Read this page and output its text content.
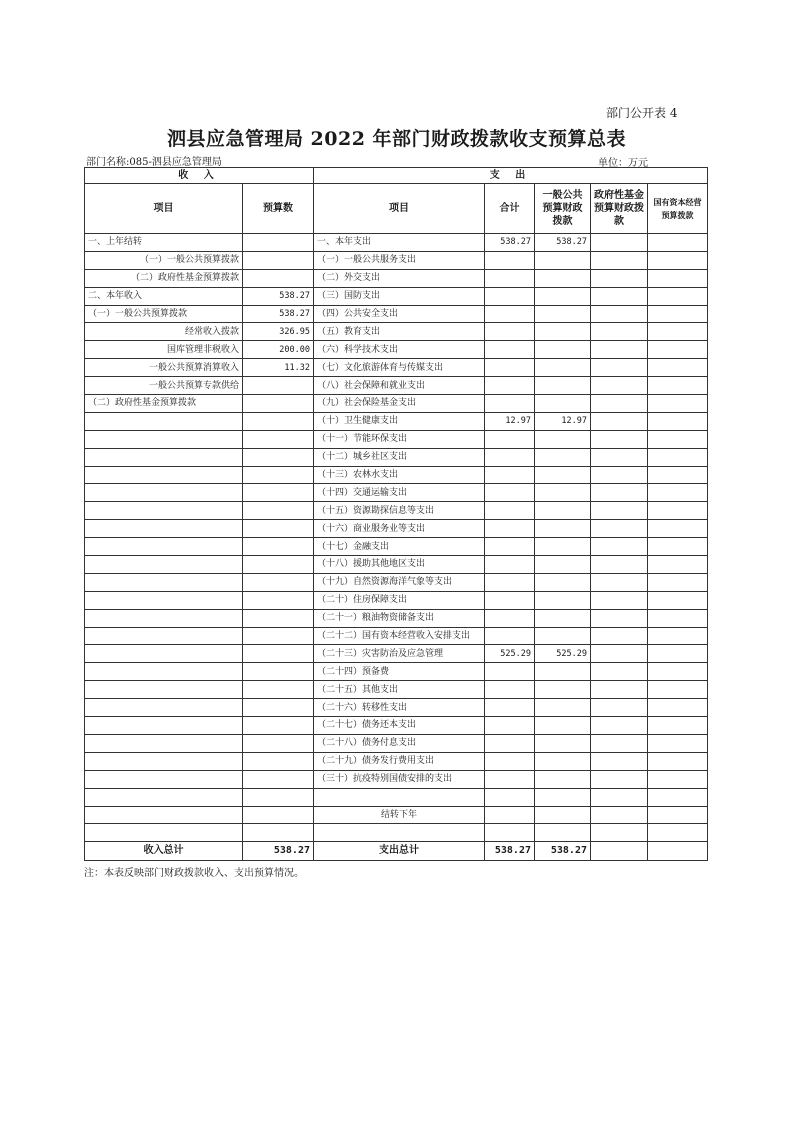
部门公开表 4
泗县应急管理局 2022 年部门财政拨款收支预算总表
部门名称:085-泗县应急管理局	单位：万元
收 入		支 出				
项目	预算数	项目	合计	一般公共预算财政拨款	政府性基金预算财政拨款	国有资本经营预算拨款
一、上年结转		一、本年支出	538.27	538.27		
（一）一般公共预算拨款		（一）一般公共服务支出				
（二）政府性基金预算拨款		（二）外交支出				
二、本年收入	538.27	（三）国防支出				
（一）一般公共预算拨款	538.27	（四）公共安全支出				
经常收入拨款	326.95	（五）教育支出				
国库管理非税收入	200.00	（六）科学技术支出				
一般公共预算消算收入	11.32	（七）文化旅游体育与传媒支出				
一般公共预算专款供给		（八）社会保障和就业支出				
（二）政府性基金预算拨款		（九）社会保险基金支出				
		（十）卫生健康支出	12.97	12.97		
		（十一）节能环保支出				
		（十二）城乡社区支出				
		（十三）农林水支出				
		（十四）交通运输支出				
		（十五）资源勘探信息等支出				
		（十六）商业服务业等支出				
		（十七）金融支出				
		（十八）援助其他地区支出				
		（十九）自然资源海洋气象等支出				
		（二十）住房保障支出				
		（二十一）粮油物资储备支出				
		（二十二）国有资本经营收入安排支出				
		（二十三）灾害防治及应急管理	525.29	525.29		
		（二十四）预备费				
		（二十五）其他支出				
		（二十六）转移性支出				
		（二十七）债务还本支出				
		（二十八）债务付息支出				
		（二十九）债务发行费用支出				
		（三十）抗疫特别国债安排的支出				

		结转下年				

收入总计	538.27	支出总计	538.27	538.27		
注：本表反映部门财政拨款收入、支出预算情况。
